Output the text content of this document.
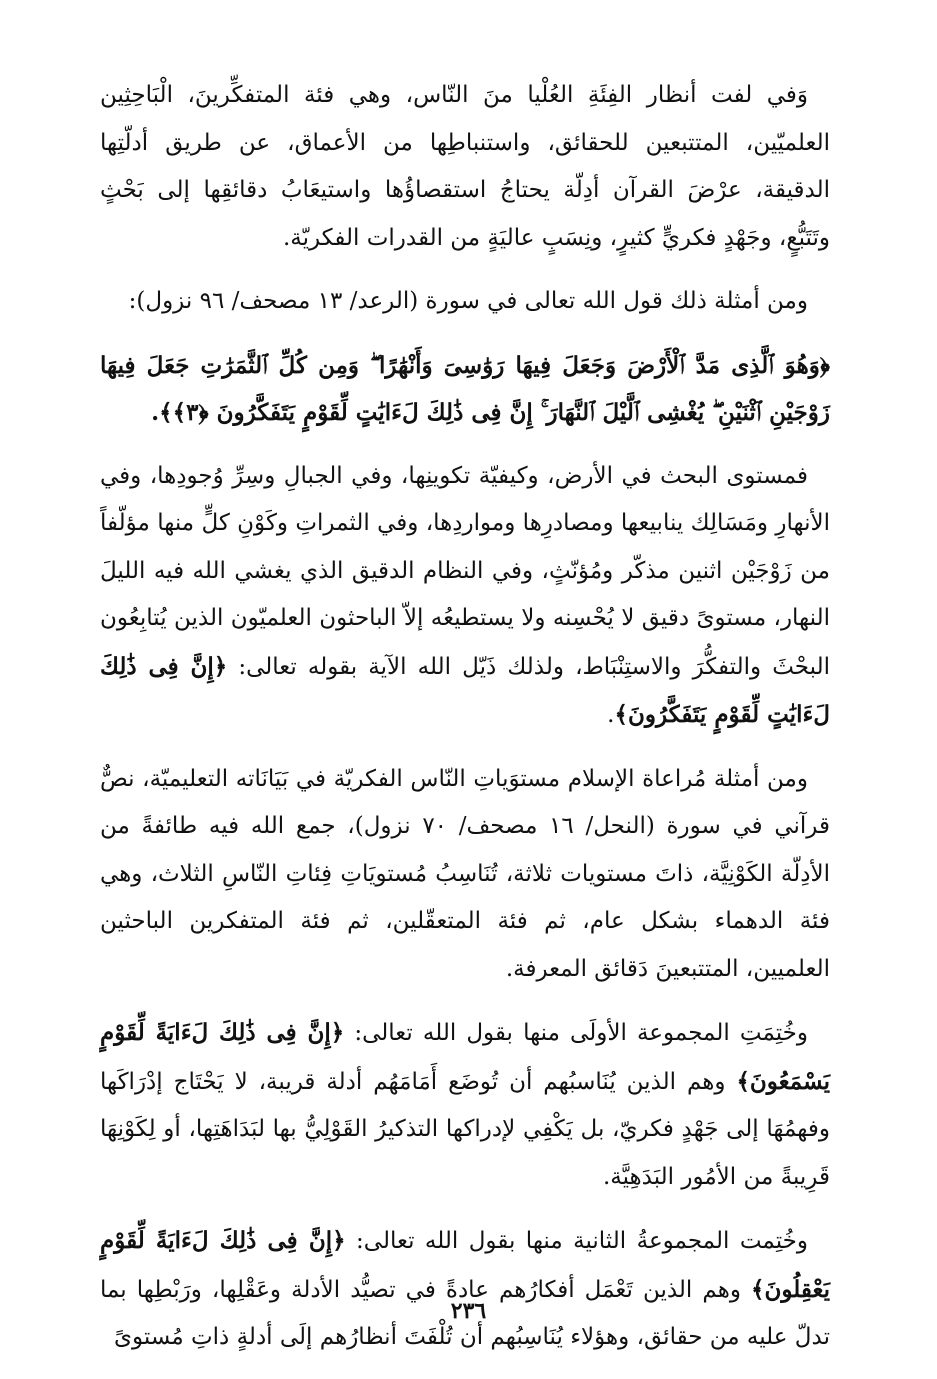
وَفي لفت أنظار الفِئَةِ العُلْيا منَ النّاس، وهي فئة المتفكِّرينَ، الْبَاحِثِين العلميّين، المتتبعين للحقائق، واستنباطِها من الأعماق، عن طريق أدلّتِها الدقيقة، عرْضَ القرآن أدِلّة يحتاجُ استقصاؤُها واستيعَابُ دقائقِها إلى بَحْثٍ وتَتَبُّعٍ، وجَهْدٍ فكريٍّ كثيرٍ، ونِسَبٍ عاليَةٍ من القدرات الفكريّة.

ومن أمثلة ذلك قول الله تعالى في سورة (الرعد/ ١٣ مصحف/ ٩٦ نزول):

﴿وَهُوَ ٱلَّذِى مَدَّ ٱلْأَرْضَ وَجَعَلَ فِيهَا رَوَٰسِىَ وَأَنْهَٰرًا ۖ وَمِن كُلِّ ٱلثَّمَرَٰتِ جَعَلَ فِيهَا زَوْجَيْنِ ٱثْنَيْنِ ۖ يُغْشِى ٱلَّيْلَ ٱلنَّهَارَ ۚ إِنَّ فِى ذَٰلِكَ لَءَايَٰتٍ لِّقَوْمٍ يَتَفَكَّرُونَ ﴿٣﴾﴾.

فمستوى البحث في الأرض، وكيفيّة تكوينِها، وفي الجبالِ وسِرِّ وُجودِها، وفي الأنهارِ ومَسَالِك ينابيعها ومصادرِها ومواردِها، وفي الثمراتِ وكَوْنِ كلٍّ منها مؤلّفاً من زَوْجَيْن اثنين مذكّر ومُؤنّثٍ، وفي النظام الدقيق الذي يغشي الله فيه الليلَ النهار، مستوىً دقيق لا يُحْسِنه ولا يستطيعُه إلاّ الباحثون العلميّون الذين يُتابِعُون البحْثَ والتفكُّرَ والاستِنْبَاط، ولذلك ذَيّل الله الآية بقوله تعالى: ﴿إِنَّ فِى ذَٰلِكَ لَءَايَٰتٍ لِّقَوْمٍ يَتَفَكَّرُونَ﴾.

ومن أمثلة مُراعاة الإسلام مستوَياتِ النّاس الفكريّة في بَيَانَاته التعليميّة، نصٌّ قرآني في سورة (النحل/ ١٦ مصحف/ ٧٠ نزول)، جمع الله فيه طائفةً من الأدِلّة الكَوْنِيَّة، ذاتَ مستويات ثلاثة، تُنَاسِبُ مُستويَاتِ فِئاتِ النّاسِ الثلاث، وهي فئة الدهماء بشكل عام، ثم فئة المتعقّلين، ثم فئة المتفكرين الباحثين العلميين، المتتبعينَ دَقائق المعرفة.

وخُتِمَتِ المجموعة الأولَى منها بقول الله تعالى: ﴿إِنَّ فِى ذَٰلِكَ لَءَايَةً لِّقَوْمٍ يَسْمَعُونَ﴾ وهم الذين يُنَاسبُهم أن تُوضَع أَمَامَهُم أدلة قريبة، لا يَحْتَاج إدْرَاكَها وفهمُهَا إلى جَهْدٍ فكريّ، بل يَكْفِي لإدراكها التذكيرُ القَوْلِيُّ بها لبَدَاهَتِها، أو لِكَوْنِهَا قَرِيبةً من الأمُور البَدَهِيَّة.

وخُتِمت المجموعةُ الثانية منها بقول الله تعالى: ﴿إِنَّ فِى ذَٰلِكَ لَءَايَةً لِّقَوْمٍ يَعْقِلُونَ﴾ وهم الذين تَعْمَل أفكارُهم عادةً في تصيُّد الأدلة وعَقْلِها، ورَبْطِها بما تدلّ عليه من حقائق، وهؤلاء يُنَاسِبُهم أن تُلْفَتَ أنظارُهم إلَى أدلةٍ ذاتِ مُستوىً

٢٣٦
